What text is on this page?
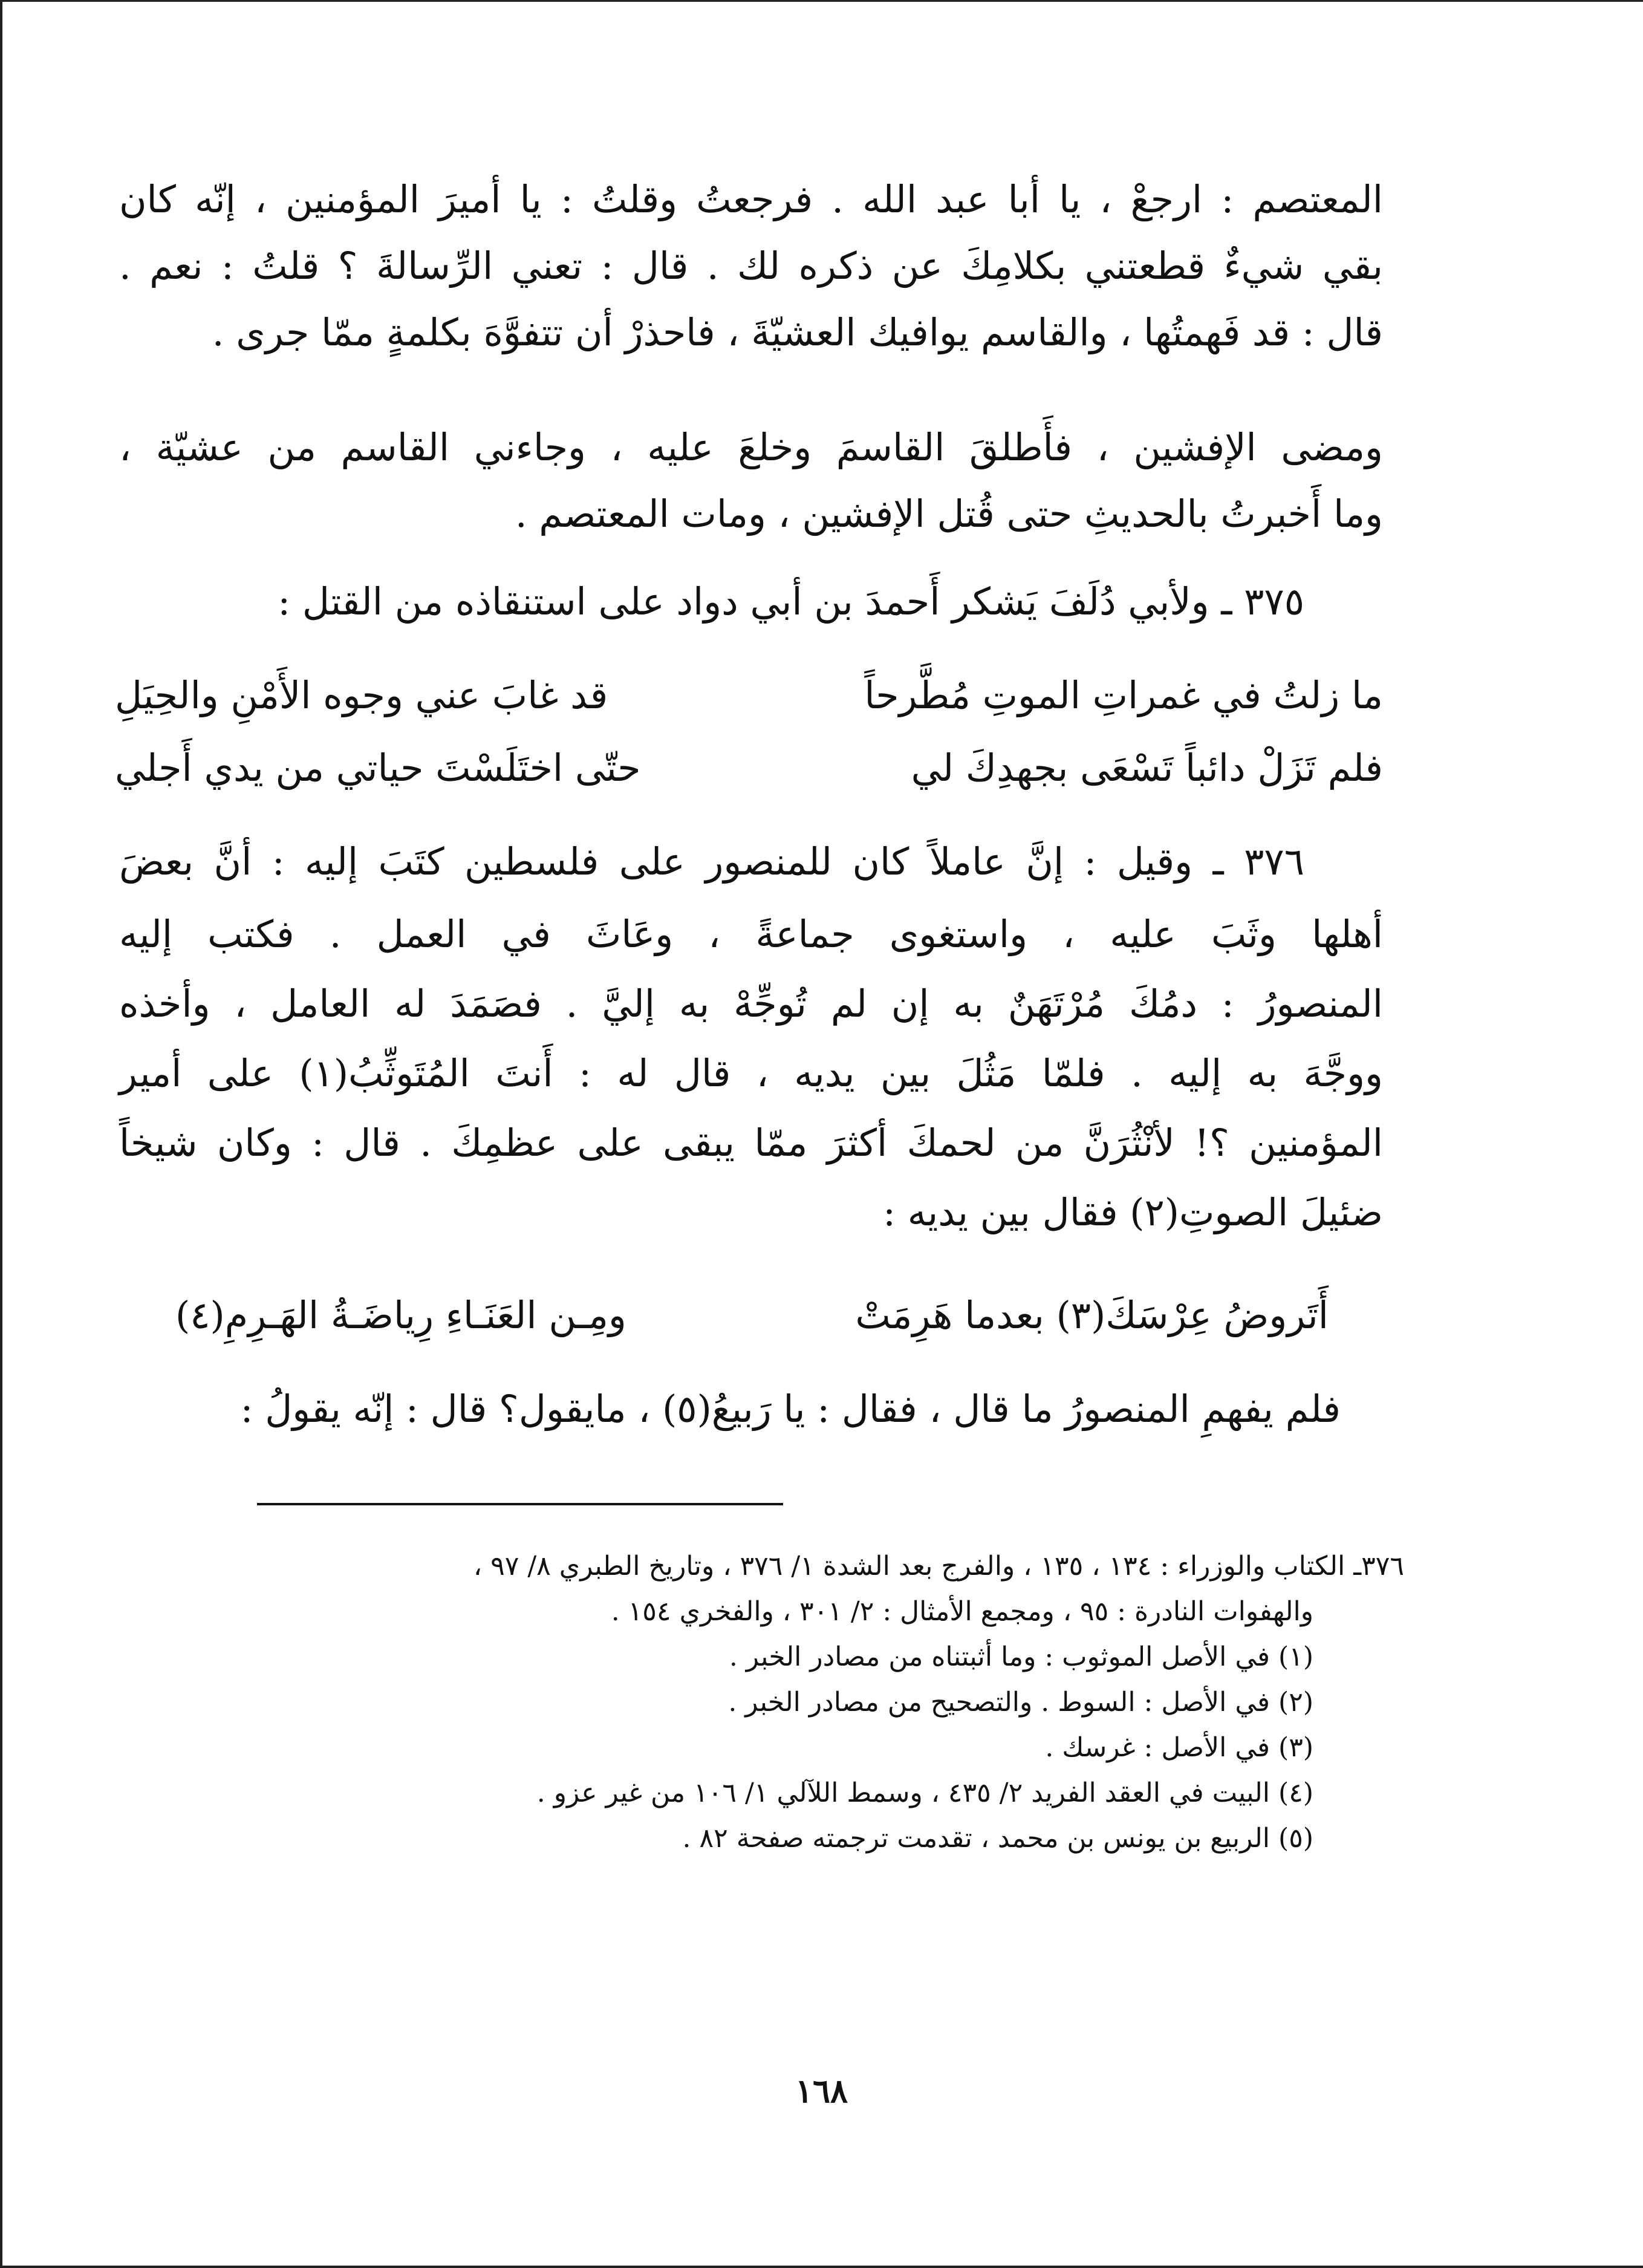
المعتصم : ارجعْ ، يا أبا عبد الله . فرجعتُ وقلتُ : يا أميرَ المؤمنين ، إنّه كان
بقي شيءٌ قطعتني بكلامِكَ عن ذكره لك . قال : تعني الرِّسالةَ ؟ قلتُ : نعم .
قال : قد فَهمتُها ، والقاسم يوافيك العشيّةَ ، فاحذرْ أن تتفوَّهَ بكلمةٍ ممّا جرى .
ومضى الإفشين ، فأَطلقَ القاسمَ وخلعَ عليه ، وجاءني القاسم من عشيّة ،
وما أَخبرتُ بالحديثِ حتى قُتل الإفشين ، ومات المعتصم .
٣٧٥ ـ ولأبي دُلَفَ يَشكر أَحمدَ بن أبي دواد على استنقاذه من القتل :
ما زلتُ في غمراتِ الموتِ مُطَّرحاً
قد غابَ عني وجوه الأَمْنِ والحِيَلِ
فلم تَزَلْ دائباً تَسْعَى بجهدِكَ لي
حتّى اختَلَسْتَ حياتي من يدي أَجلي
٣٧٦ ـ وقيل : إنَّ عاملاً كان للمنصور على فلسطين كتَبَ إليه : أنَّ بعضَ
أهلها وثَبَ عليه ، واستغوى جماعةً ، وعَاثَ في العمل . فكتب إليه
المنصورُ : دمُكَ مُرْتَهَنٌ به إن لم تُوجِّهْ به إليَّ . فصَمَدَ له العامل ، وأخذه
ووجَّهَ به إليه . فلمّا مَثُلَ بين يديه ، قال له : أَنتَ المُتَوثِّبُ(١) على أمير
المؤمنين ؟! لأنْثُرَنَّ من لحمكَ أكثرَ ممّا يبقى على عظمِكَ . قال : وكان شيخاً
ضئيلَ الصوتِ(٢) فقال بين يديه :
أَتَروضُ عِرْسَكَ(٣) بعدما هَرِمَتْ
ومِـن العَنَـاءِ رِياضَـةُ الهَـرِمِ(٤)
فلم يفهمِ المنصورُ ما قال ، فقال : يا رَبيعُ(٥) ، مايقول؟ قال : إنّه يقولُ :
٣٧٦ـ الكتاب والوزراء : ١٣٤ ، ١٣٥ ، والفرج بعد الشدة ١/ ٣٧٦ ، وتاريخ الطبري ٨/ ٩٧ ،
والهفوات النادرة : ٩٥ ، ومجمع الأمثال : ٢/ ٣٠١ ، والفخري ١٥٤ .
(١) في الأصل الموثوب : وما أثبتناه من مصادر الخبر .
(٢) في الأصل : السوط . والتصحيح من مصادر الخبر .
(٣) في الأصل : غرسك .
(٤) البيت في العقد الفريد ٢/ ٤٣٥ ، وسمط اللآلي ١/ ١٠٦ من غير عزو .
(٥) الربيع بن يونس بن محمد ، تقدمت ترجمته صفحة ٨٢ .
١٦٨
